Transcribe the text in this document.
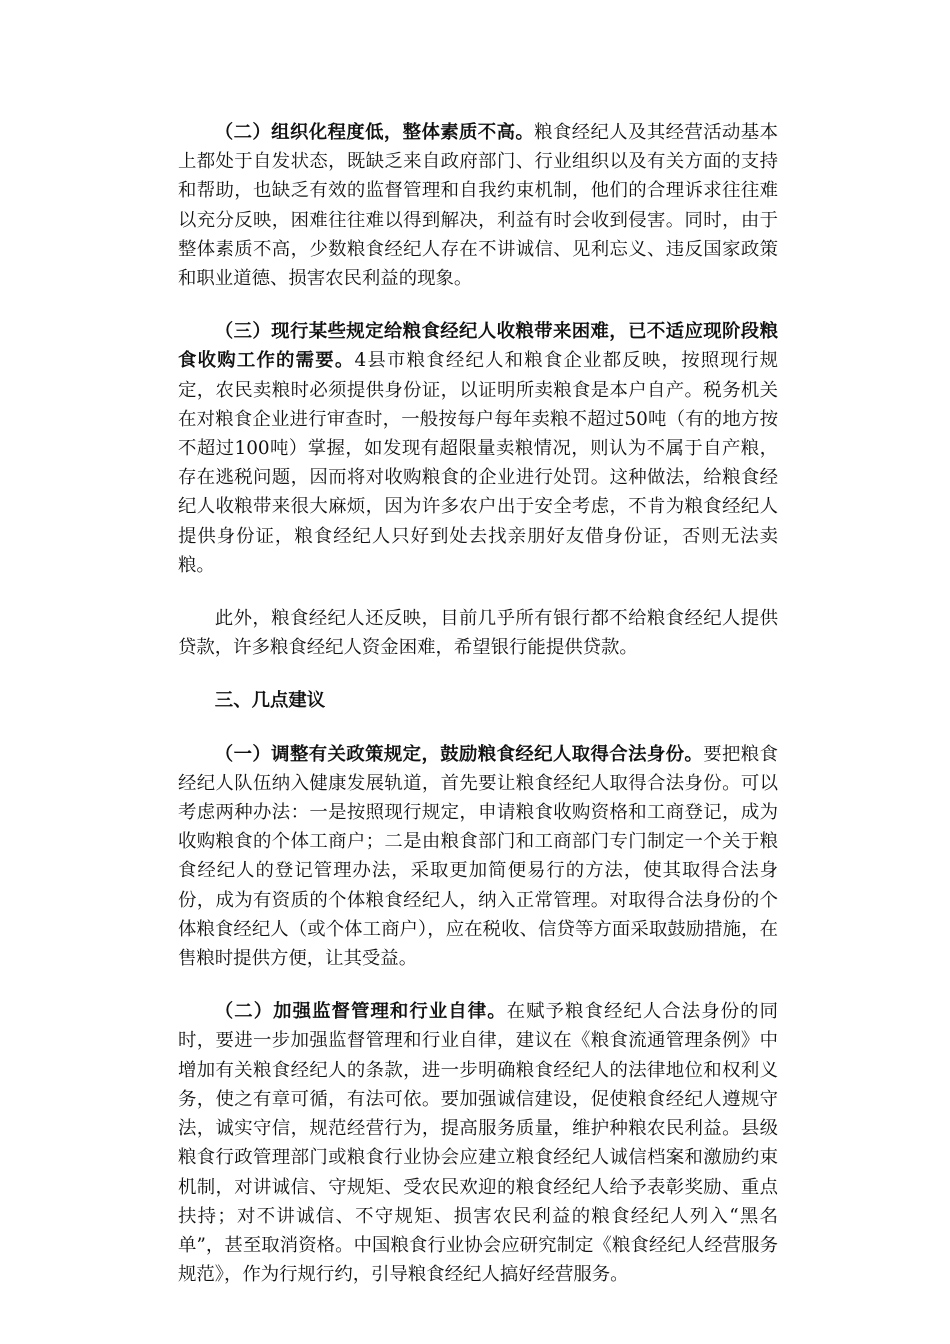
（二）组织化程度低，整体素质不高。粮食经纪人及其经营活动基本上都处于自发状态，既缺乏来自政府部门、行业组织以及有关方面的支持和帮助，也缺乏有效的监督管理和自我约束机制，他们的合理诉求往往难以充分反映，困难往往难以得到解决，利益有时会收到侵害。同时，由于整体素质不高，少数粮食经纪人存在不讲诚信、见利忘义、违反国家政策和职业道德、损害农民利益的现象。

（三）现行某些规定给粮食经纪人收粮带来困难，已不适应现阶段粮食收购工作的需要。4县市粮食经纪人和粮食企业都反映，按照现行规定，农民卖粮时必须提供身份证，以证明所卖粮食是本户自产。税务机关在对粮食企业进行审查时，一般按每户每年卖粮不超过50吨（有的地方按不超过100吨）掌握，如发现有超限量卖粮情况，则认为不属于自产粮，存在逃税问题，因而将对收购粮食的企业进行处罚。这种做法，给粮食经纪人收粮带来很大麻烦，因为许多农户出于安全考虑，不肯为粮食经纪人提供身份证，粮食经纪人只好到处去找亲朋好友借身份证，否则无法卖粮。

此外，粮食经纪人还反映，目前几乎所有银行都不给粮食经纪人提供贷款，许多粮食经纪人资金困难，希望银行能提供贷款。

三、几点建议

（一）调整有关政策规定，鼓励粮食经纪人取得合法身份。要把粮食经纪人队伍纳入健康发展轨道，首先要让粮食经纪人取得合法身份。可以考虑两种办法：一是按照现行规定，申请粮食收购资格和工商登记，成为收购粮食的个体工商户；二是由粮食部门和工商部门专门制定一个关于粮食经纪人的登记管理办法，采取更加简便易行的方法，使其取得合法身份，成为有资质的个体粮食经纪人，纳入正常管理。对取得合法身份的个体粮食经纪人（或个体工商户），应在税收、信贷等方面采取鼓励措施，在售粮时提供方便，让其受益。

（二）加强监督管理和行业自律。在赋予粮食经纪人合法身份的同时，要进一步加强监督管理和行业自律，建议在《粮食流通管理条例》中增加有关粮食经纪人的条款，进一步明确粮食经纪人的法律地位和权利义务，使之有章可循，有法可依。要加强诚信建设，促使粮食经纪人遵规守法，诚实守信，规范经营行为，提高服务质量，维护种粮农民利益。县级粮食行政管理部门或粮食行业协会应建立粮食经纪人诚信档案和激励约束机制，对讲诚信、守规矩、受农民欢迎的粮食经纪人给予表彰奖励、重点扶持；对不讲诚信、不守规矩、损害农民利益的粮食经纪人列入“黑名单”，甚至取消资格。中国粮食行业协会应研究制定《粮食经纪人经营服务规范》，作为行规行约，引导粮食经纪人搞好经营服务。
